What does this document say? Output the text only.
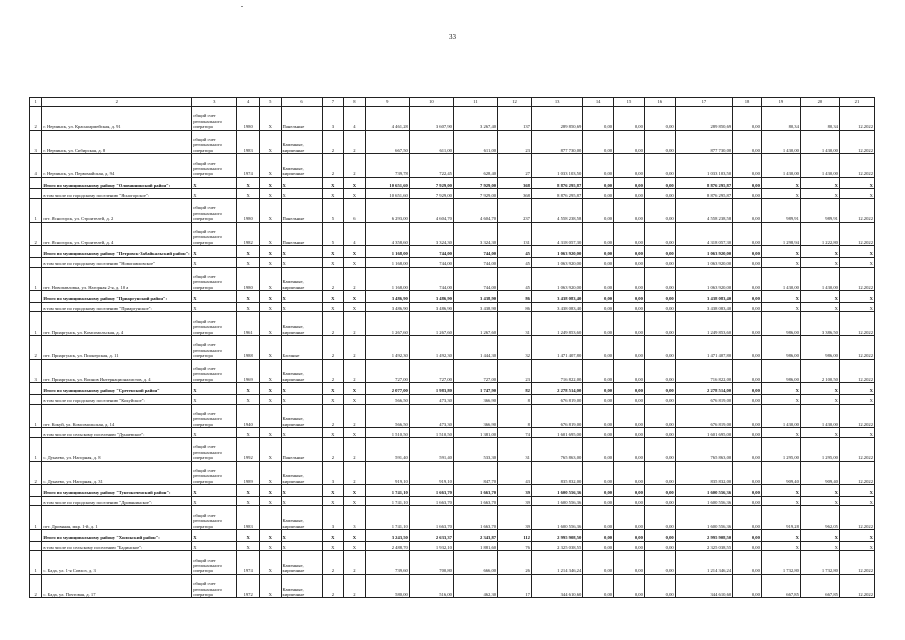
33
1	2	3	4	5	6	7	8	9	10	11	12	13	14	15	16	17	18	19	20	21
2	г. Нерчинск, ул. Красноармейская, д. 91	общий счет регионального оператора	1980	Х	Панельные	3	4	4 461,28	3 607,90	3 267,40	137	289 850,69	0,00	0,00	0,00	289 850,69	0,00	80,34	80,34	12.2022
3	г. Нерчинск, ул. Сибирская, д. 8	общий счет регионального оператора	1983	Х	Каменные, кирпичные	2	2	667,50	611,00	611,00	23	877 730,00	0,00	0,00	0,00	877 730,00	0,00	1 430,00	1 430,00	12.2022
4	г. Нерчинск, ул. Первомайская, д. 94	общий счет регионального оператора	1974	Х	Каменные, кирпичные	2	2	739,78	722,45	628,40	27	1 033 103,50	0,00	0,00	0,00	1 033 103,50	0,00	1 430,00	1 430,00	12.2022
	Итого по муниципальному району "Оловяннинский район":	Х	Х	Х	Х	Х	Х	10 651,60	7 929,00	7 929,00	368	8 876 295,87	0,00	0,00	0,00	8 876 295,87	0,00	Х	Х	Х
	в том числе по городскому поселению "Ясногорское":	Х	Х	Х	Х	Х	Х	10 651,60	7 929,00	7 929,00	368	8 876 295,87	0,00	0,00	0,00	8 876 295,87	0,00	Х	Х	Х
1	пгт. Ясногорск, ул. Строителей, д. 2	общий счет регионального оператора	1980	Х	Панельные	5	6	6 293,00	4 604,70	4 604,70	237	4 558 238,58	0,00	0,00	0,00	4 558 238,58	0,00	989,91	989,91	12.2022
2	пгт. Ясногорск, ул. Строителей, д. 4	общий счет регионального оператора	1982	Х	Панельные	5	4	4 358,60	3 324,30	3 324,30	131	4 318 057,30	0,00	0,00	0,00	4 318 057,30	0,00	1 298,94	1 222,80	12.2022
	Итого по муниципальному району "Петровск-Забайкальский район":	Х	Х	Х	Х	Х	Х	1 168,00	744,00	744,00	45	1 063 920,00	0,00	0,00	0,00	1 063 920,00	0,00	Х	Х	Х
	в том числе по городскому поселению "Новопавловское"	Х	Х	Х	Х	Х	Х	1 168,00	744,00	744,00	45	1 063 920,00	0,00	0,00	0,00	1 063 920,00	0,00	Х	Х	Х
1	пгт. Новопавловка, ул. Нагорная 2-я, д. 10 а	общий счет регионального оператора	1980	Х	Каменные, кирпичные	2	2	1 168,00	744,00	744,00	45	1 063 920,00	0,00	0,00	0,00	1 063 920,00	0,00	1 430,00	1 430,00	12.2022
	Итого по муниципальному району "Приаргунский район":	Х	Х	Х	Х	Х	Х	3 486,90	3 486,90	3 438,90	86	3 438 083,40	0,00	0,00	0,00	3 438 083,40	0,00	Х	Х	Х
	в том числе по городскому поселению "Приаргунское":	Х	Х	Х	Х	Х	Х	3 486,90	3 486,90	3 438,90	86	3 438 083,40	0,00	0,00	0,00	3 438 083,40	0,00	Х	Х	Х
1	пгт. Приаргунск, ул. Комсомольская, д. 4	общий счет регионального оператора	1961	Х	Каменные, кирпичные	2	2	1 267,60	1 267,60	1 267,60	31	1 249 853,60	0,00	0,00	0,00	1 249 853,60	0,00	986,00	3 386,50	12.2022
2	пгт. Приаргунск, ул. Пионерская, д. 11	общий счет регионального оператора	1988	Х	Блочные	2	2	1 492,30	1 492,30	1 444,30	32	1 471 407,80	0,00	0,00	0,00	1 471 407,80	0,00	986,00	986,00	12.2022
3	пгт. Приаргунск, ул. Воинов Интернационалистов, д. 4	общий счет регионального оператора	1969	Х	Каменные, кирпичные	2	2	727,00	727,00	727,00	23	716 822,00	0,00	0,00	0,00	716 822,00	0,00	986,00	2 100,50	12.2022
	Итого по муниципальному району "Сретенский район"	Х	Х	Х	Х	Х	Х	2 077,00	1 983,80	1 747,90	82	2 278 514,00	0,00	0,00	0,00	2 278 514,00	0,00	Х	Х	Х
	в том числе по городскому поселению "Кокуйское":	Х	Х	Х	Х	Х	Х	566,50	473,30	366,90	8	676 819,00	0,00	0,00	0,00	676 819,00	0,00	Х	Х	Х
1	пгт. Кокуй, ул. Комсомольская, д. 14	общий счет регионального оператора	1940		Каменные, кирпичные	2	2	566,50	473,30	366,90	8	676 819,00	0,00	0,00	0,00	676 819,00	0,00	1 430,00	1 430,00	12.2022
	в том числе по сельскому поселению "Дунаевское":	Х	Х	Х	Х	Х	Х	1 510,50	1 510,50	1 381,00	74	1 601 695,00	0,00	0,00	0,00	1 601 695,00	0,00	Х	Х	Х
1	с. Дунаево, ул. Нагорная, д. 8	общий счет регионального оператора	1992	Х	Панельные	2	2	591,40	591,40	533,30	31	765 863,00	0,00	0,00	0,00	765 863,00	0,00	1 295,00	1 295,00	12.2022
2	с. Дунаево, ул. Нагорная, д. 31	общий счет регионального оператора	1989	Х	Каменные, кирпичные	3	2	919,10	919,10	847,70	43	835 832,00	0,00	0,00	0,00	835 832,00	0,00	909,40	909,40	12.2022
	Итого по муниципальному району "Тунгокоченский район":	Х	Х	Х	Х	Х	Х	1 741,10	1 663,70	1 663,70	39	1 600 556,36	0,00	0,00	0,00	1 600 556,36	0,00	Х	Х	Х
	в том числе по городскому поселению "Дровянинское":	Х	Х	Х	Х	Х	Х	1 741,10	1 663,70	1 663,70	39	1 600 556,36	0,00	0,00	0,00	1 600 556,36	0,00	Х	Х	Х
1	пгт. Дровяная, мкр. 1-й, д. 1	общий счет регионального оператора	1983		Каменные, кирпичные	3	3	1 741,10	1 663,70	1 663,70	39	1 600 556,36	0,00	0,00	0,00	1 600 556,36	0,00	919,28	962,05	12.2022
	Итого по муниципальному району "Хилокский район":	Х	Х	Х	Х	Х	Х	3 243,50	2 633,37	2 343,87	112	2 995 908,50	0,00	0,00	0,00	2 995 908,50	0,00	Х	Х	Х
	в том числе по сельскому поселению "Бадинское":	Х	Х	Х	Х	Х	Х	2 488,70	1 932,10	1 881,60	76	2 325 038,55	0,00	0,00	0,00	2 325 038,55	0,00	Х	Х	Х
1	с. Бада, ул. 1-я Совхоз, д. 3	общий счет регионального оператора	1974	Х	Каменные, кирпичные	2	2	739,60	700,80	666,00	26	1 214 346,24	0,00	0,00	0,00	1 214 346,24	0,00	1 732,80	1 732,80	12.2022
2	с. Бада, ул. Почтовая, д. 17	общий счет регионального оператора	1972	Х	Каменные, кирпичные	2	2	580,00	516,00	462,30	17	344 610,60	0,00	0,00	0,00	344 610,60	0,00	667,85	667,85	12.2022
